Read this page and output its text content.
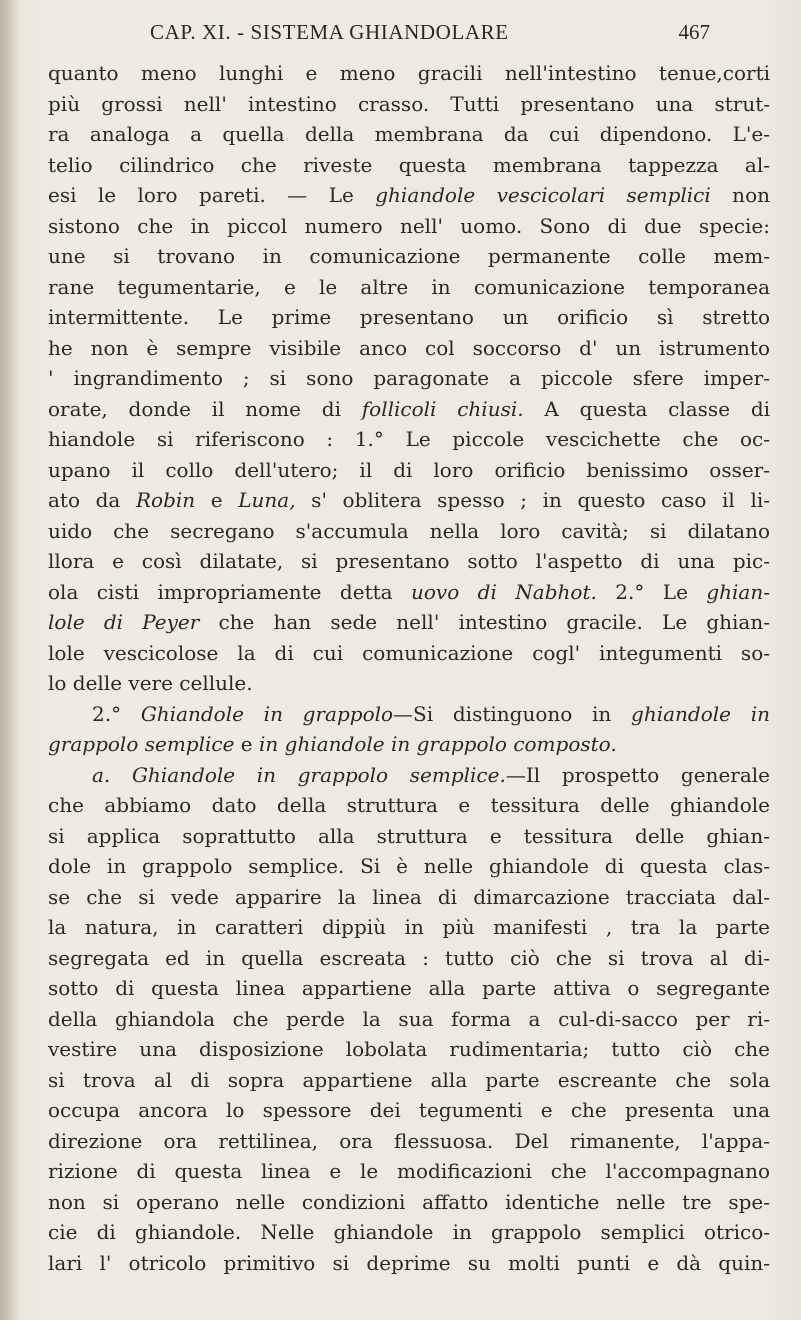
CAP. XI. - SISTEMA GHIANDOLARE	467
quanto meno lunghi e meno gracili nell'intestino tenue,corti
più grossi nell' intestino crasso. Tutti presentano una strut-
ra analoga a quella della membrana da cui dipendono. L'e-
telio cilindrico che riveste questa membrana tappezza al-
esi le loro pareti. — Le ghiandole vescicolari semplici non
sistono che in piccol numero nell' uomo. Sono di due specie:
une si trovano in comunicazione permanente colle mem-
rane tegumentarie, e le altre in comunicazione temporanea
intermittente. Le prime presentano un orificio sì stretto
he non è sempre visibile anco col soccorso d' un istrumento
' ingrandimento ; si sono paragonate a piccole sfere imper-
orate, donde il nome di follicoli chiusi. A questa classe di
hiandole si riferiscono : 1.° Le piccole vescichette che oc-
upano il collo dell'utero; il di loro orificio benissimo osser-
ato da Robin e Luna, s' oblitera spesso ; in questo caso il li-
uido che secregano s'accumula nella loro cavità; si dilatano
llora e così dilatate, si presentano sotto l'aspetto di una pic-
ola cisti impropriamente detta uovo di Nabhot. 2.° Le ghian-
lole di Peyer che han sede nell' intestino gracile. Le ghian-
lole vescicolose la di cui comunicazione cogl' integumenti so-
lo delle vere cellule.
2.° Ghiandole in grappolo—Si distinguono in ghiandole in
grappolo semplice e in ghiandole in grappolo composto.
a. Ghiandole in grappolo semplice.—Il prospetto generale
che abbiamo dato della struttura e tessitura delle ghiandole
si applica soprattutto alla struttura e tessitura delle ghian-
dole in grappolo semplice. Si è nelle ghiandole di questa clas-
se che si vede apparire la linea di dimarcazione tracciata dal-
la natura, in caratteri dippiù in più manifesti , tra la parte
segregata ed in quella escreata : tutto ciò che si trova al di-
sotto di questa linea appartiene alla parte attiva o segregante
della ghiandola che perde la sua forma a cul-di-sacco per ri-
vestire una disposizione lobolata rudimentaria; tutto ciò che
si trova al di sopra appartiene alla parte escreante che sola
occupa ancora lo spessore dei tegumenti e che presenta una
direzione ora rettilinea, ora flessuosa. Del rimanente, l'appa-
rizione di questa linea e le modificazioni che l'accompagnano
non si operano nelle condizioni affatto identiche nelle tre spe-
cie di ghiandole. Nelle ghiandole in grappolo semplici otrico-
lari l' otricolo primitivo si deprime su molti punti e dà quin-
